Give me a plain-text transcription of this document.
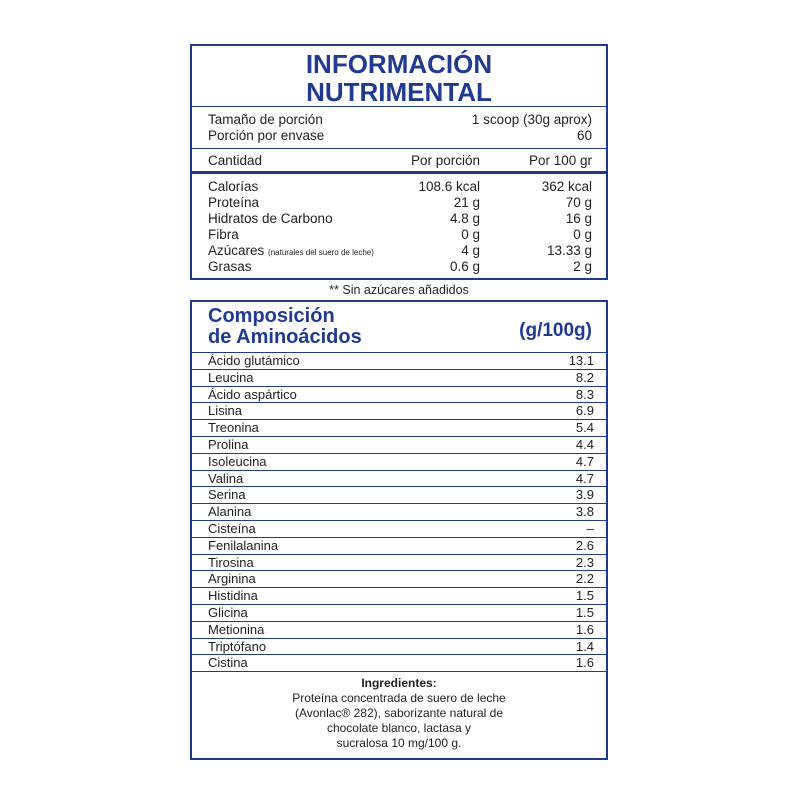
INFORMACIÓN
NUTRIMENTAL
Tamaño de porción	1 scoop (30g aprox)
Porción por envase	60
Cantidad	Por porción	Por 100 gr
Calorías	108.6 kcal	362 kcal
Proteína	21 g	70 g
Hidratos de Carbono	4.8 g	16 g
Fibra	0 g	0 g
Azúcares (naturales del suero de leche)	4 g	13.33 g
Grasas	0.6 g	2 g
** Sin azúcares añadidos
Composición
de Aminoácidos	(g/100g)
Ácido glutámico	13.1
Leucina	8.2
Ácido aspártico	8.3
Lisina	6.9
Treonina	5.4
Prolina	4.4
Isoleucina	4.7
Valina	4.7
Serina	3.9
Alanina	3.8
Cisteína	–
Fenilalanina	2.6
Tirosina	2.3
Arginina	2.2
Histidina	1.5
Glicina	1.5
Metionina	1.6
Triptófano	1.4
Cistina	1.6
Ingredientes:
Proteína concentrada de suero de leche
(Avonlac® 282), saborizante natural de
chocolate blanco, lactasa y
sucralosa 10 mg/100 g.
